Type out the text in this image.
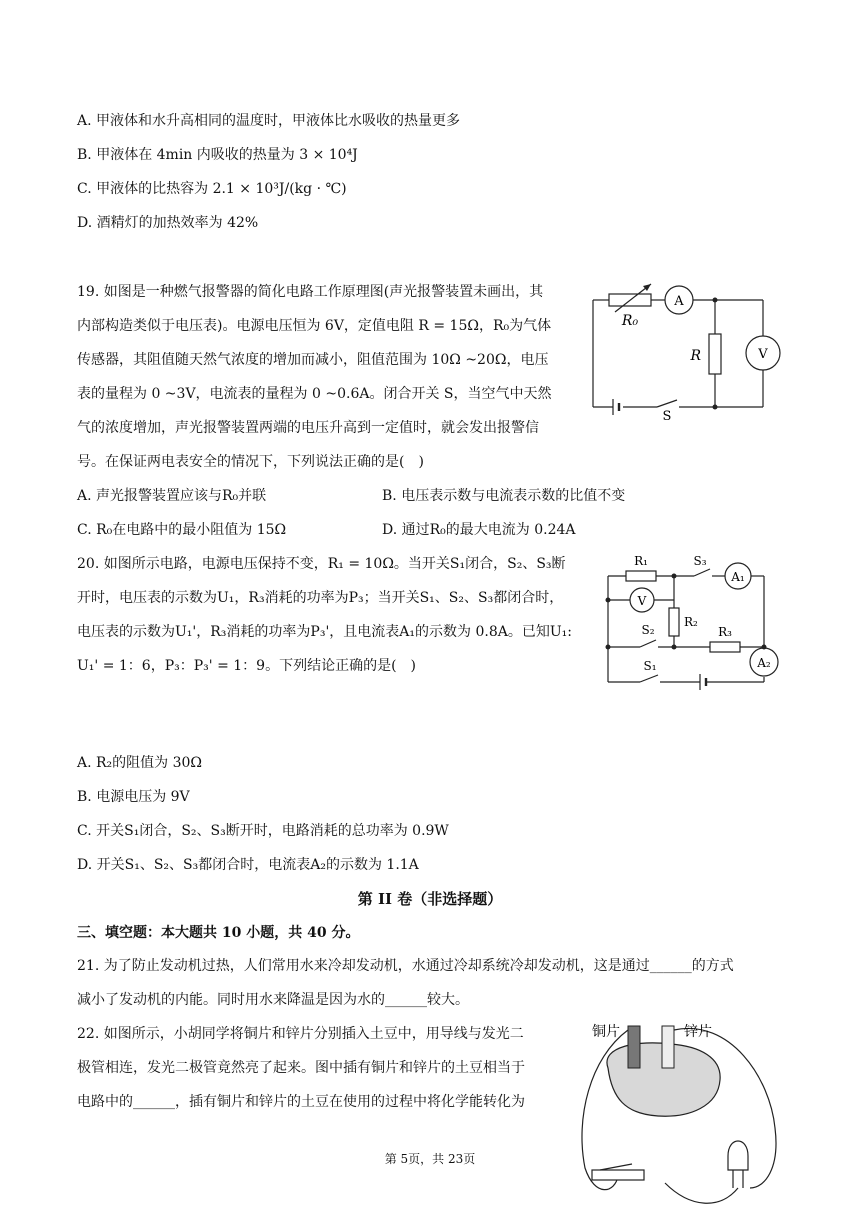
A. 甲液体和水升高相同的温度时，甲液体比水吸收的热量更多
B. 甲液体在 4min 内吸收的热量为 3 × 10⁴J
C. 甲液体的比热容为 2.1 × 10³J/(kg · ℃)
D. 酒精灯的加热效率为 42%
19. 如图是一种燃气报警器的简化电路工作原理图(声光报警装置未画出，其
内部构造类似于电压表)。电源电压恒为 6V，定值电阻 R = 15Ω，R₀为气体
传感器，其阻值随天然气浓度的增加而减小，阻值范围为 10Ω ~20Ω，电压
表的量程为 0 ~3V，电流表的量程为 0 ~0.6A。闭合开关 S，当空气中天然
气的浓度增加，声光报警装置两端的电压升高到一定值时，就会发出报警信
号。在保证两电表安全的情况下，下列说法正确的是(　)
A. 声光报警装置应该与R₀并联	B. 电压表示数与电流表示数的比值不变
C. R₀在电路中的最小阻值为 15Ω	D. 通过R₀的最大电流为 0.24A
A
V
R₀
R
S
20. 如图所示电路，电源电压保持不变，R₁ = 10Ω。当开关S₁闭合，S₂、S₃断
开时，电压表的示数为U₁，R₃消耗的功率为P₃；当开关S₁、S₂、S₃都闭合时，
电压表的示数为U₁'，R₃消耗的功率为P₃'，且电流表A₁的示数为 0.8A。已知U₁:
U₁' = 1：6，P₃：P₃' = 1：9。下列结论正确的是(　)
A₁
V
A₂
R₁	S₃
R₂
S₂	R₃
S₁
A. R₂的阻值为 30Ω
B. 电源电压为 9V
C. 开关S₁闭合，S₂、S₃断开时，电路消耗的总功率为 0.9W
D. 开关S₁、S₂、S₃都闭合时，电流表A₂的示数为 1.1A
第 II 卷（非选择题）
三、填空题：本大题共 10 小题，共 40 分。
21. 为了防止发动机过热，人们常用水来冷却发动机，水通过冷却系统冷却发动机，这是通过______的方式
减小了发动机的内能。同时用水来降温是因为水的______较大。
22. 如图所示，小胡同学将铜片和锌片分别插入土豆中，用导线与发光二
极管相连，发光二极管竟然亮了起来。图中插有铜片和锌片的土豆相当于
电路中的______，插有铜片和锌片的土豆在使用的过程中将化学能转化为
铜片	锌片
第 5页，共 23页
